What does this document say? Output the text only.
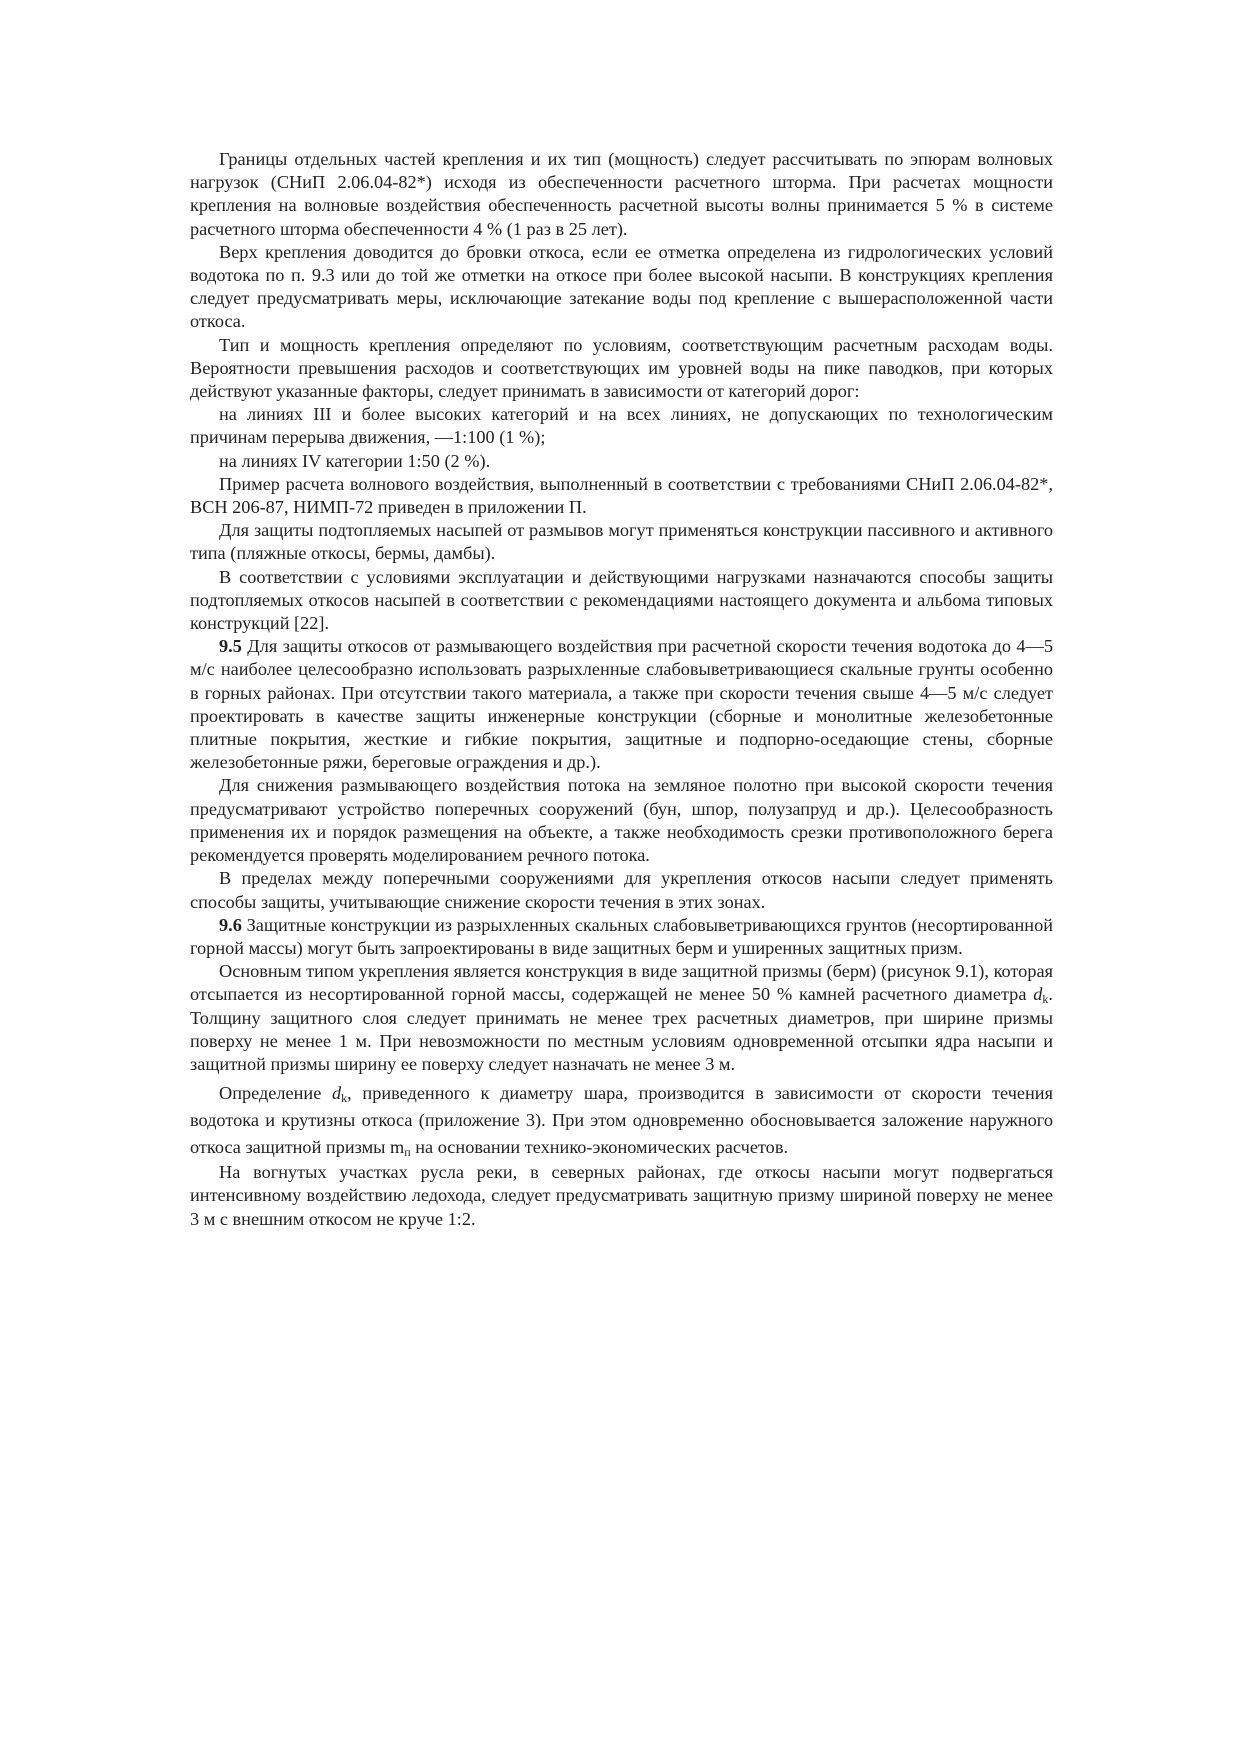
Границы отдельных частей крепления и их тип (мощность) следует рассчитывать по эпюрам волновых нагрузок (СНиП 2.06.04-82*) исходя из обеспеченности расчетного шторма. При расчетах мощности крепления на волновые воздействия обеспеченность расчетной высоты волны принимается 5 % в системе расчетного шторма обеспеченности 4 % (1 раз в 25 лет).

Верх крепления доводится до бровки откоса, если ее отметка определена из гидрологических условий водотока по п. 9.3 или до той же отметки на откосе при более высокой насыпи. В конструкциях крепления следует предусматривать меры, исключающие затекание воды под крепление с вышерасположенной части откоса.

Тип и мощность крепления определяют по условиям, соответствующим расчетным расходам воды. Вероятности превышения расходов и соответствующих им уровней воды на пике паводков, при которых действуют указанные факторы, следует принимать в зависимости от категорий дорог:

на линиях III и более высоких категорий и на всех линиях, не допускающих по технологическим причинам перерыва движения, —1:100 (1 %);

на линиях IV категории 1:50 (2 %).

Пример расчета волнового воздействия, выполненный в соответствии с требованиями СНиП 2.06.04-82*, ВСН 206-87, НИМП-72 приведен в приложении П.

Для защиты подтопляемых насыпей от размывов могут применяться конструкции пассивного и активного типа (пляжные откосы, бермы, дамбы).

В соответствии с условиями эксплуатации и действующими нагрузками назначаются способы защиты подтопляемых откосов насыпей в соответствии с рекомендациями настоящего документа и альбома типовых конструкций [22].

9.5 Для защиты откосов от размывающего воздействия при расчетной скорости течения водотока до 4—5 м/с наиболее целесообразно использовать разрыхленные слабовыветривающиеся скальные грунты особенно в горных районах. При отсутствии такого материала, а также при скорости течения свыше 4—5 м/с следует проектировать в качестве защиты инженерные конструкции (сборные и монолитные железобетонные плитные покрытия, жесткие и гибкие покрытия, защитные и подпорно-оседающие стены, сборные железобетонные ряжи, береговые ограждения и др.).

Для снижения размывающего воздействия потока на земляное полотно при высокой скорости течения предусматривают устройство поперечных сооружений (бун, шпор, полузапруд и др.). Целесообразность применения их и порядок размещения на объекте, а также необходимость срезки противоположного берега рекомендуется проверять моделированием речного потока.

В пределах между поперечными сооружениями для укрепления откосов насыпи следует применять способы защиты, учитывающие снижение скорости течения в этих зонах.

9.6 Защитные конструкции из разрыхленных скальных слабовыветривающихся грунтов (несортированной горной массы) могут быть запроектированы в виде защитных берм и уширенных защитных призм.

Основным типом укрепления является конструкция в виде защитной призмы (берм) (рисунок 9.1), которая отсыпается из несортированной горной массы, содержащей не менее 50 % камней расчетного диаметра $d_k$. Толщину защитного слоя следует принимать не менее трех расчетных диаметров, при ширине призмы поверху не менее 1 м. При невозможности по местным условиям одновременной отсыпки ядра насыпи и защитной призмы ширину ее поверху следует назначать не менее 3 м.

Определение $d_k$, приведенного к диаметру шара, производится в зависимости от скорости течения водотока и крутизны откоса (приложение 3). При этом одновременно обосновывается заложение наружного откоса защитной призмы $m_п$ на основании технико-экономических расчетов.

На вогнутых участках русла реки, в северных районах, где откосы насыпи могут подвергаться интенсивному воздействию ледохода, следует предусматривать защитную призму шириной поверху не менее 3 м с внешним откосом не круче 1:2.
